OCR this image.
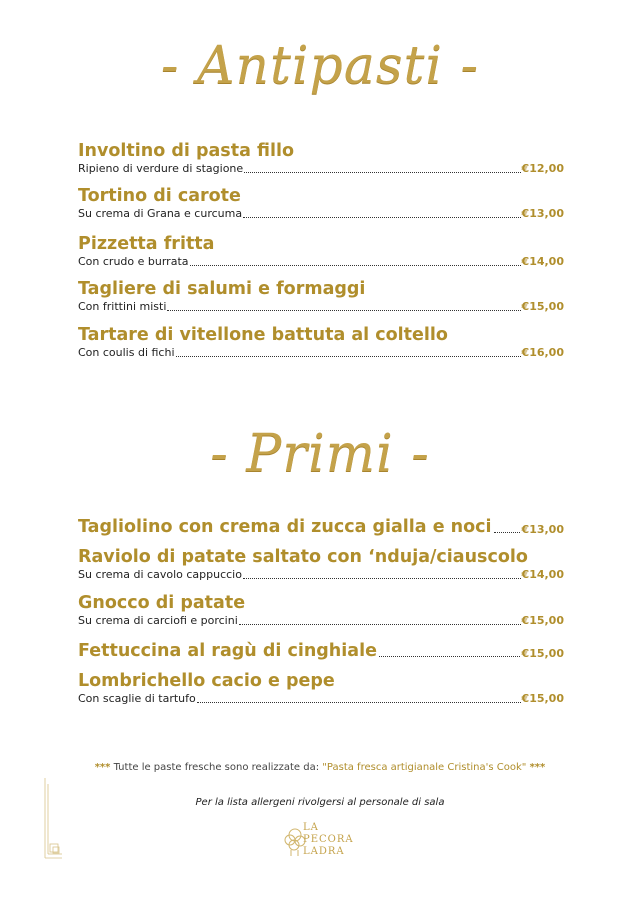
- Antipasti -
Involtino di pasta fillo
Ripieno di verdure di stagione	€12,00
Tortino di carote
Su crema di Grana e curcuma	€13,00
Pizzetta fritta
Con crudo e burrata	€14,00
Tagliere di salumi e formaggi
Con frittini misti	€15,00
Tartare di vitellone battuta al coltello
Con coulis di fichi	€16,00
- Primi -
Tagliolino con crema di zucca gialla e noci	€13,00
Raviolo di patate saltato con ‘nduja/ciauscolo
Su crema di cavolo cappuccio	€14,00
Gnocco di patate
Su crema di carciofi e porcini	€15,00
Fettuccina al ragù di cinghiale	€15,00
Lombrichello cacio e pepe
Con scaglie di tartufo	€15,00
*** Tutte le paste fresche sono realizzate da: "Pasta fresca artigianale Cristina's Cook" ***
Per la lista allergeni rivolgersi al personale di sala
LA
PECORA
LADRA
